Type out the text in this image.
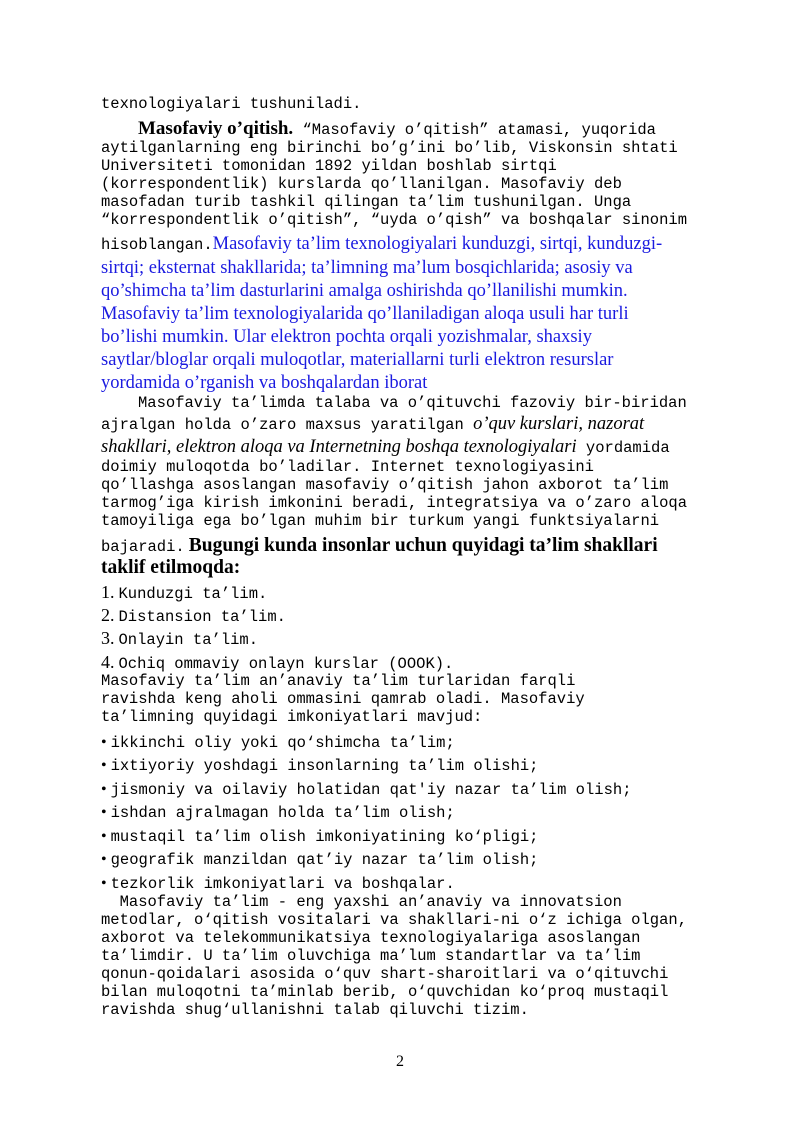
texnologiyalari tushuniladi.
Masofaviy o’qitish. “Masofaviy o’qitish” atamasi, yuqorida
aytilganlarning eng birinchi bo’g’ini bo’lib, Viskonsin shtati
Universiteti tomonidan 1892 yildan boshlab sirtqi
(korrespondentlik) kurslarda qo’llanilgan. Masofaviy deb
masofadan turib tashkil qilingan ta’lim tushunilgan. Unga
“korrespondentlik o’qitish”, “uyda o’qish” va boshqalar sinonim
hisoblangan.Masofaviy ta’lim texnologiyalari kunduzgi, sirtqi, kunduzgi-
sirtqi; eksternat shakllarida; ta’limning ma’lum bosqichlarida; asosiy va
qo’shimcha ta’lim dasturlarini amalga oshirishda qo’llanilishi mumkin.
Masofaviy ta’lim texnologiyalarida qo’llaniladigan aloqa usuli har turli
bo’lishi mumkin. Ular elektron pochta orqali yozishmalar, shaxsiy
saytlar/bloglar orqali muloqotlar, materiallarni turli elektron resurslar
yordamida o’rganish va boshqalardan iborat
Masofaviy ta’limda talaba va o’qituvchi fazoviy bir-biridan
ajralgan holda o’zaro maxsus yaratilgan o’quv kurslari, nazorat
shakllari, elektron aloqa va Internetning boshqa texnologiyalari yordamida
doimiy muloqotda bo’ladilar. Internet texnologiyasini
qo’llashga asoslangan masofaviy o’qitish jahon axborot ta’lim
tarmog’iga kirish imkonini beradi, integratsiya va o’zaro aloqa
tamoyiliga ega bo’lgan muhim bir turkum yangi funktsiyalarni
bajaradi. Bugungi kunda insonlar uchun quyidagi ta’lim shakllari
taklif etilmoqda:
1. Kunduzgi ta’lim.
2. Distansion ta’lim.
3. Onlayin ta’lim.
4. Ochiq ommaviy onlayn kurslar (OOOK).
Masofaviy ta’lim an’anaviy ta’lim turlaridan farqli
ravishda keng aholi ommasini qamrab oladi. Masofaviy
ta’limning quyidagi imkoniyatlari mavjud:
• ikkinchi oliy yoki qo‘shimcha ta’lim;
• ixtiyoriy yoshdagi insonlarning ta’lim olishi;
• jismoniy va oilaviy holatidan qat'iy nazar ta’lim olish;
• ishdan ajralmagan holda ta’lim olish;
• mustaqil ta’lim olish imkoniyatining ko‘pligi;
• geografik manzildan qat’iy nazar ta’lim olish;
• tezkorlik imkoniyatlari va boshqalar.
Masofaviy ta’lim - eng yaxshi an’anaviy va innovatsion
metodlar, o‘qitish vositalari va shakllari-ni o‘z ichiga olgan,
axborot va telekommunikatsiya texnologiyalariga asoslangan
ta’limdir. U ta’lim oluvchiga ma’lum standartlar va ta’lim
qonun-qoidalari asosida o‘quv shart-sharoitlari va o‘qituvchi
bilan muloqotni ta’minlab berib, o‘quvchidan ko‘proq mustaqil
ravishda shug‘ullanishni talab qiluvchi tizim.
2
